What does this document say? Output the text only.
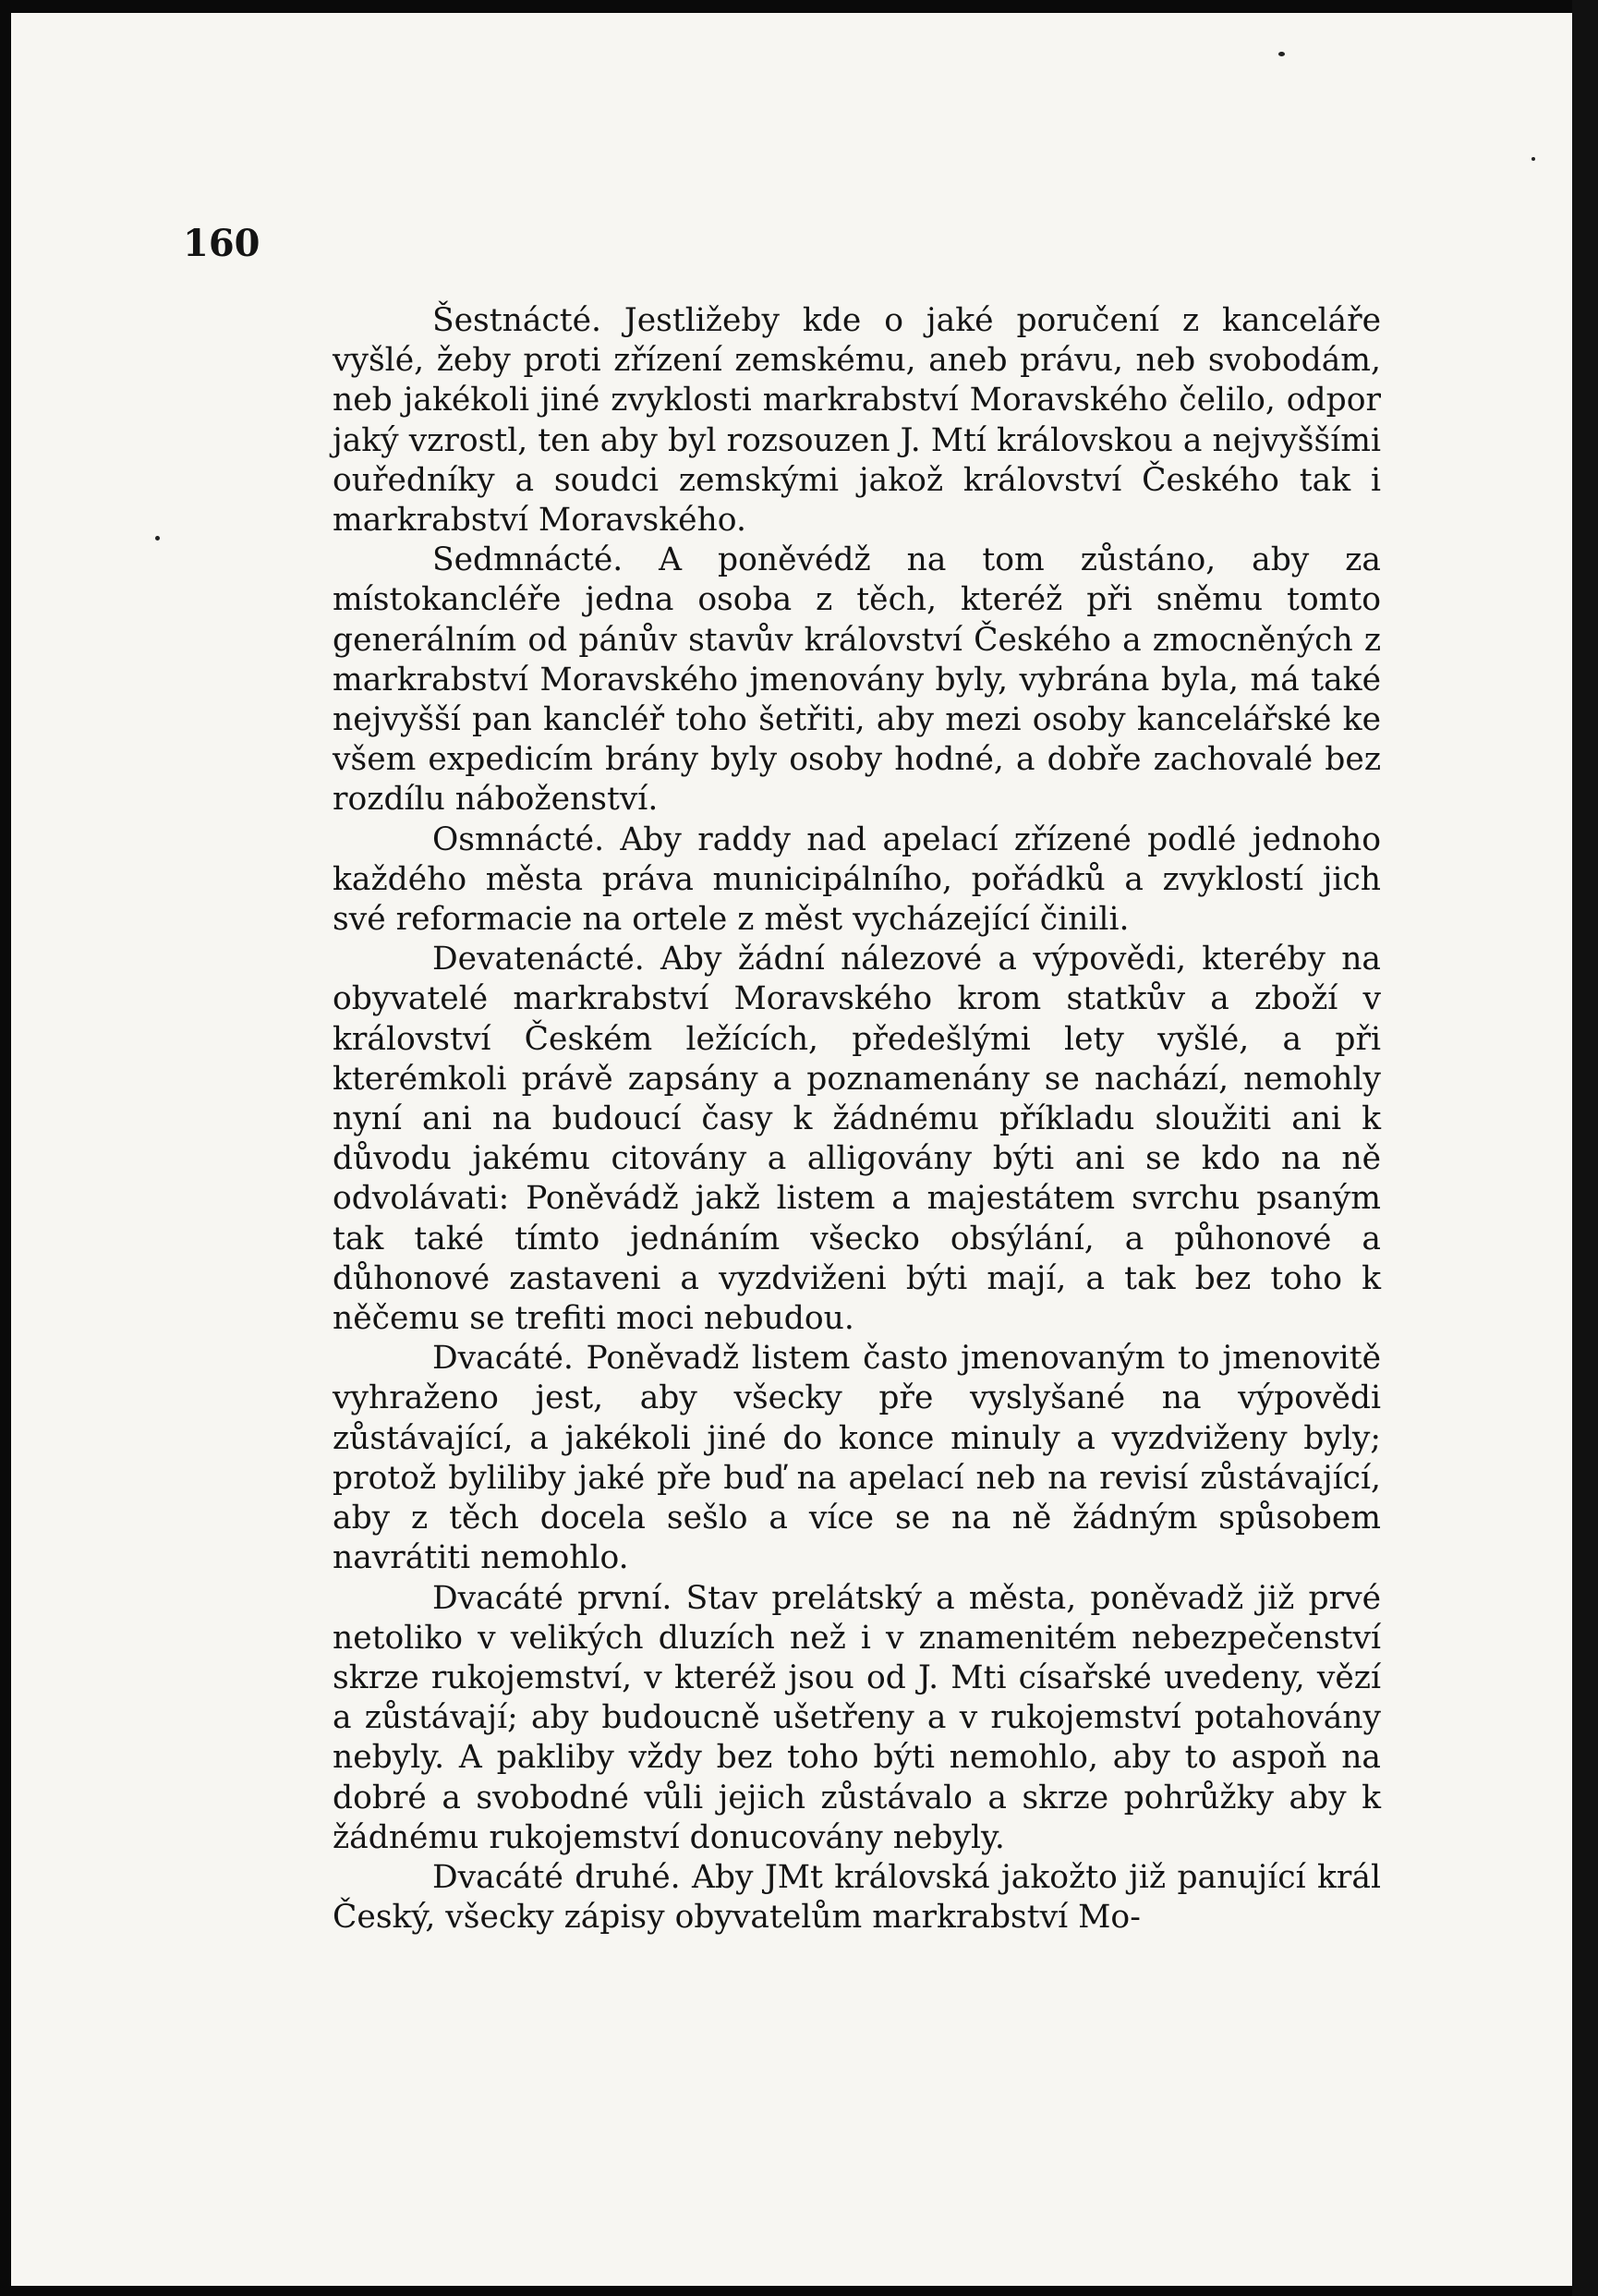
160

Šestnácté. Jestližeby kde o jaké poručení z kanceláře vyšlé, žeby proti zřízení zemskému, aneb právu, neb svobodám, neb jakékoli jiné zvyklosti markrabství Moravského čelilo, odpor jaký vzrostl, ten aby byl rozsouzen J. Mtí královskou a nejvyššími ouředníky a soudci zemskými jakož království Českého tak i markrabství Moravského.

Sedmnácté. A poněvédž na tom zůstáno, aby za místokancléře jedna osoba z těch, kteréž při sněmu tomto generálním od pánův stavův království Českého a zmocněných z markrabství Moravského jmenovány byly, vybrána byla, má také nejvyšší pan kancléř toho šetřiti, aby mezi osoby kancelářské ke všem expedicím brány byly osoby hodné, a dobře zachovalé bez rozdílu náboženství.

Osmnácté. Aby raddy nad apelací zřízené podlé jednoho každého města práva municipálního, pořádků a zvyklostí jich své reformacie na ortele z měst vycházející činili.

Devatenácté. Aby žádní nálezové a výpovědi, kteréby na obyvatelé markrabství Moravského krom statkův a zboží v království Českém ležících, předešlými lety vyšlé, a při kterémkoli právě zapsány a poznamenány se nachází, nemohly nyní ani na budoucí časy k žádnému příkladu sloužiti ani k důvodu jakému citovány a alligovány býti ani se kdo na ně odvolávati: Poněvádž jakž listem a majestátem svrchu psaným tak také tímto jednáním všecko obsýlání, a půhonové a důhonové zastaveni a vyzdviženi býti mají, a tak bez toho k něčemu se trefiti moci nebudou.

Dvacáté. Poněvadž listem často jmenovaným to jmenovitě vyhraženo jest, aby všecky pře vyslyšané na výpovědi zůstávající, a jakékoli jiné do konce minuly a vyzdviženy byly; protož byliliby jaké pře buď na apelací neb na revisí zůstávající, aby z těch docela sešlo a více se na ně žádným spůsobem navrátiti nemohlo.

Dvacáté první. Stav prelátský a města, poněvadž již prvé netoliko v velikých dluzích než i v znamenitém nebezpečenství skrze rukojemství, v kteréž jsou od J. Mti císařské uvedeny, vězí a zůstávají; aby budoucně ušetřeny a v rukojemství potahovány nebyly. A pakliby vždy bez toho býti nemohlo, aby to aspoň na dobré a svobodné vůli jejich zůstávalo a skrze pohrůžky aby k žádnému rukojemství donucovány nebyly.

Dvacáté druhé. Aby JMt královská jakožto již panující král Český, všecky zápisy obyvatelům markrabství Mo-
